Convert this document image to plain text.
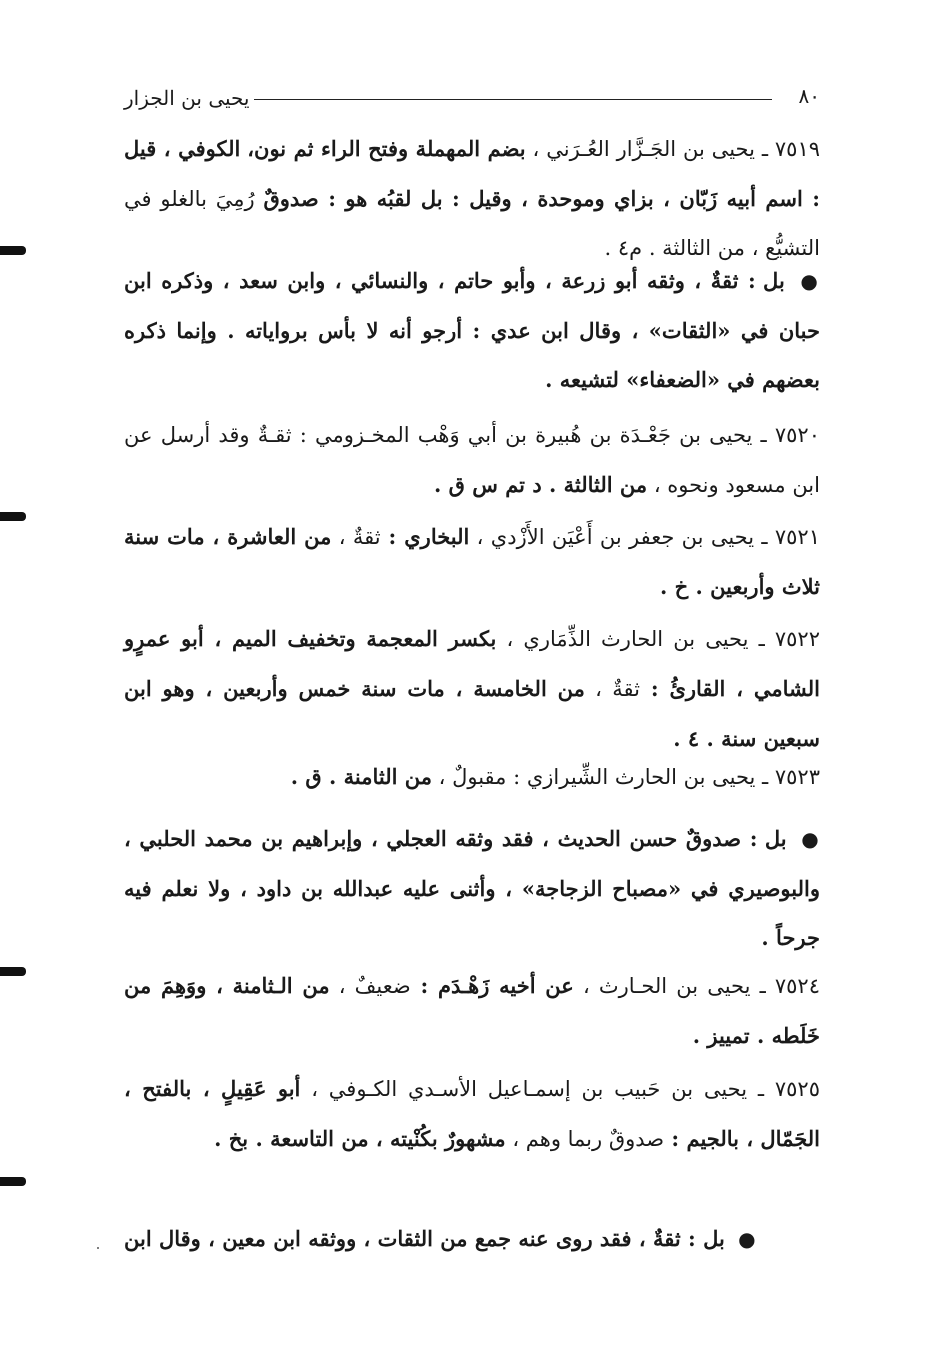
يحيى بن الجزار	٨٠

٧٥١٩ ـ يحيى بن الجَـزَّار العُـرَني ، بضم المهملة وفتح الراء ثم نون، الكوفي ، قيل : اسم أبيه زَبّان ، بزاي وموحدة ، وقيل : بل لقبُه هو : صدوقٌ رُمِيَ بالغلو في التشيُّع ، من الثالثة . م٤ .

● بل : ثقةٌ ، وثقه أبو زرعة ، وأبو حاتم ، والنسائي ، وابن سعد ، وذكره ابن حبان في «الثقات» ، وقال ابن عدي : أرجو أنه لا بأس برواياته . وإنما ذكره بعضهم في «الضعفاء» لتشيعه .

٧٥٢٠ ـ يحيى بن جَعْـدَة بن هُبيرة بن أبي وَهْب المخـزومي : ثقـةٌ وقد أرسل عن ابن مسعود ونحوه ، من الثالثة . د تم س ق .

٧٥٢١ ـ يحيى بن جعفر بن أَعْيَن الأَزْدي ، البخاري : ثقةٌ ، من العاشرة ، مات سنة ثلاث وأربعين . خ .

٧٥٢٢ ـ يحيى بن الحارث الذِّمَاري ، بكسر المعجمة وتخفيف الميم ، أبو عمرٍو الشامي ، القارئُ : ثقةٌ ، من الخامسة ، مات سنة خمس وأربعين ، وهو ابن سبعين سنة . ٤ .

٧٥٢٣ ـ يحيى بن الحارث الشِّيرازي : مقبولٌ ، من الثامنة . ق .

● بل : صدوقٌ حسن الحديث ، فقد وثقه العجلي ، وإبراهيم بن محمد الحلبي ، والبوصيري في «مصباح الزجاجة» ، وأثنى عليه عبدالله بن داود ، ولا نعلم فيه جرحاً .

٧٥٢٤ ـ يحيى بن الحـارث ، عن أخيه زَهْـدَم : ضعيفٌ ، من الـثامنة ، ووَهِمَ من خَلَطه . تمييز .

٧٥٢٥ ـ يحيى بن حَبيب بن إسمـاعيل الأسـدي الكـوفي ، أبو عَقِيلٍ ، بالفتح ، الجَمّال ، بالجيم : صدوقٌ ربما وهم ، مشهورٌ بكُنْيته ، من التاسعة . بخ .

● بل : ثقةٌ ، فقد روى عنه جمع من الثقات ، ووثقه ابن معين ، وقال ابن
